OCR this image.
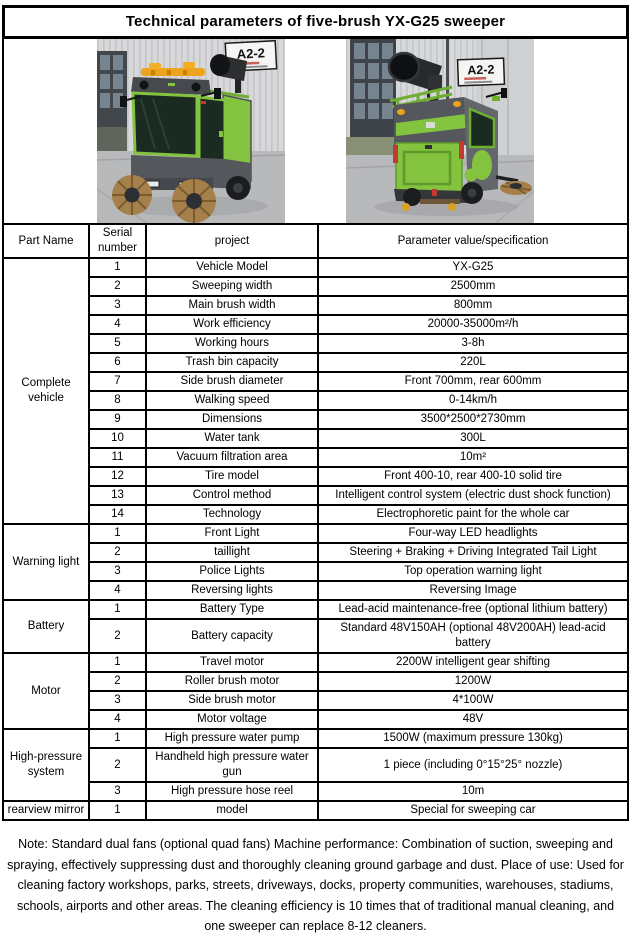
Technical parameters of five-brush YX-G25 sweeper
A2-2
A2-2
Part Name	Serial number	project	Parameter value/specification
Complete vehicle	1	Vehicle Model	YX-G25
	2	Sweeping width	2500mm
	3	Main brush width	800mm
	4	Work efficiency	20000-35000m²/h
	5	Working hours	3-8h
	6	Trash bin capacity	220L
	7	Side brush diameter	Front 700mm, rear 600mm
	8	Walking speed	0-14km/h
	9	Dimensions	3500*2500*2730mm
	10	Water tank	300L
	11	Vacuum filtration area	10m²
	12	Tire model	Front 400-10, rear 400-10 solid tire
	13	Control method	Intelligent control system (electric dust shock function)
	14	Technology	Electrophoretic paint for the whole car
Warning light	1	Front Light	Four-way LED headlights
	2	taillight	Steering + Braking + Driving Integrated Tail Light
	3	Police Lights	Top operation warning light
	4	Reversing lights	Reversing Image
Battery	1	Battery Type	Lead-acid maintenance-free (optional lithium battery)
	2	Battery capacity	Standard 48V150AH (optional 48V200AH) lead-acid battery
Motor	1	Travel motor	2200W intelligent gear shifting
	2	Roller brush motor	1200W
	3	Side brush motor	4*100W
	4	Motor voltage	48V
High-pressure system	1	High pressure water pump	1500W (maximum pressure 130kg)
	2	Handheld high pressure water gun	1 piece (including 0°15°25° nozzle)
	3	High pressure hose reel	10m
rearview mirror	1	model	Special for sweeping car
Note: Standard dual fans (optional quad fans) Machine performance: Combination of suction, sweeping and spraying, effectively suppressing dust and thoroughly cleaning ground garbage and dust. Place of use: Used for cleaning factory workshops, parks, streets, driveways, docks, property communities, warehouses, stadiums, schools, airports and other areas. The cleaning efficiency is 10 times that of traditional manual cleaning, and one sweeper can replace 8-12 cleaners.
